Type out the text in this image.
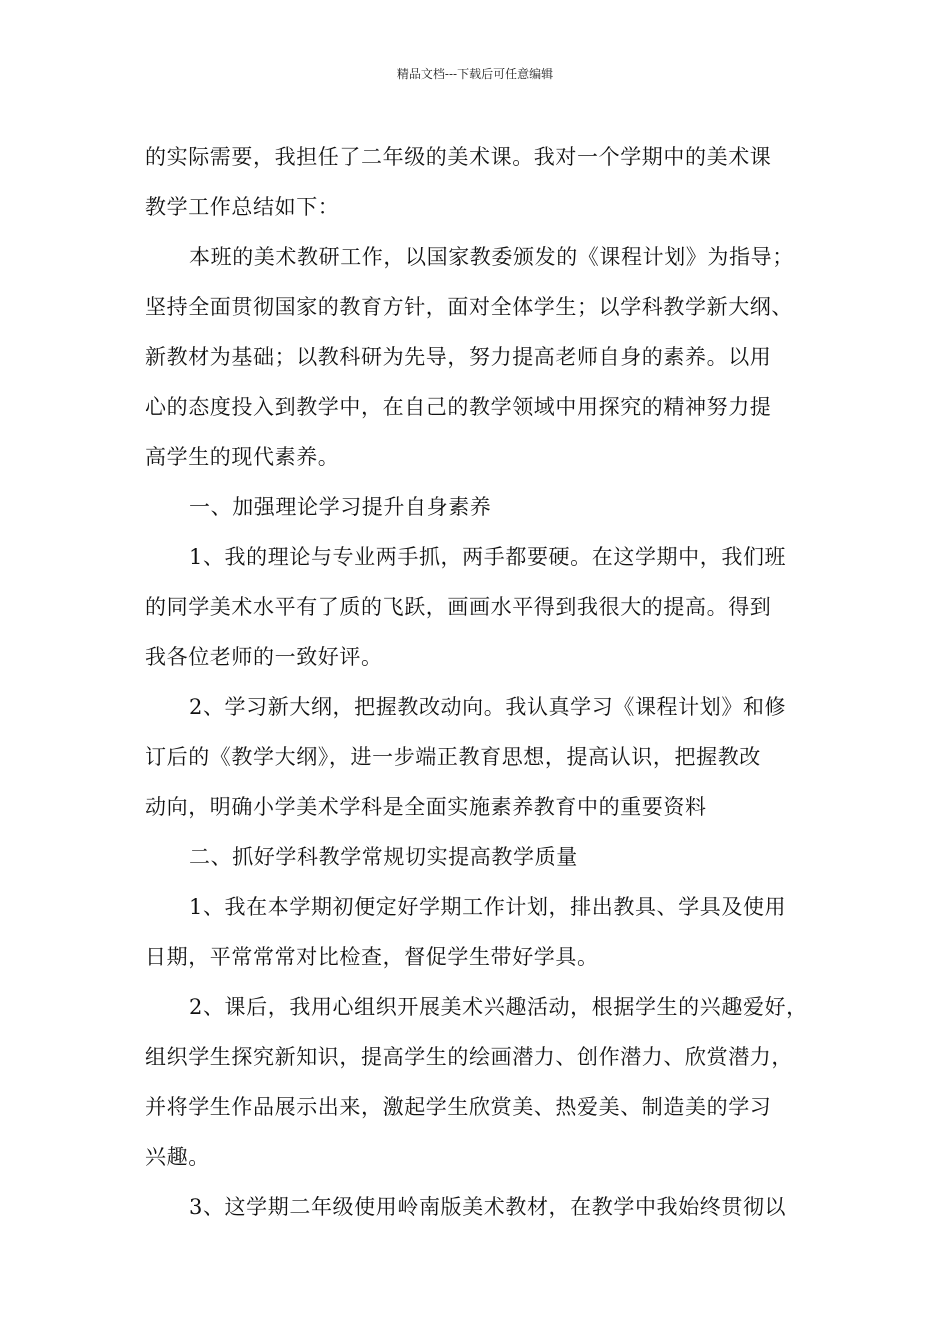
精品文档---下载后可任意编辑

的实际需要，我担任了二年级的美术课。我对一个学期中的美术课

教学工作总结如下：

本班的美术教研工作，以国家教委颁发的《课程计划》为指导；

坚持全面贯彻国家的教育方针，面对全体学生；以学科教学新大纲、

新教材为基础；以教科研为先导，努力提高老师自身的素养。以用

心的态度投入到教学中，在自己的教学领域中用探究的精神努力提

高学生的现代素养。

一、加强理论学习提升自身素养

1、我的理论与专业两手抓，两手都要硬。在这学期中，我们班

的同学美术水平有了质的飞跃，画画水平得到我很大的提高。得到

我各位老师的一致好评。

2、学习新大纲，把握教改动向。我认真学习《课程计划》和修

订后的《教学大纲》，进一步端正教育思想，提高认识，把握教改

动向，明确小学美术学科是全面实施素养教育中的重要资料

二、抓好学科教学常规切实提高教学质量

1、我在本学期初便定好学期工作计划，排出教具、学具及使用

日期，平常常常对比检查，督促学生带好学具。

2、课后，我用心组织开展美术兴趣活动，根据学生的兴趣爱好，

组织学生探究新知识，提高学生的绘画潜力、创作潜力、欣赏潜力，

并将学生作品展示出来，激起学生欣赏美、热爱美、制造美的学习

兴趣。

3、这学期二年级使用岭南版美术教材，在教学中我始终贯彻以
